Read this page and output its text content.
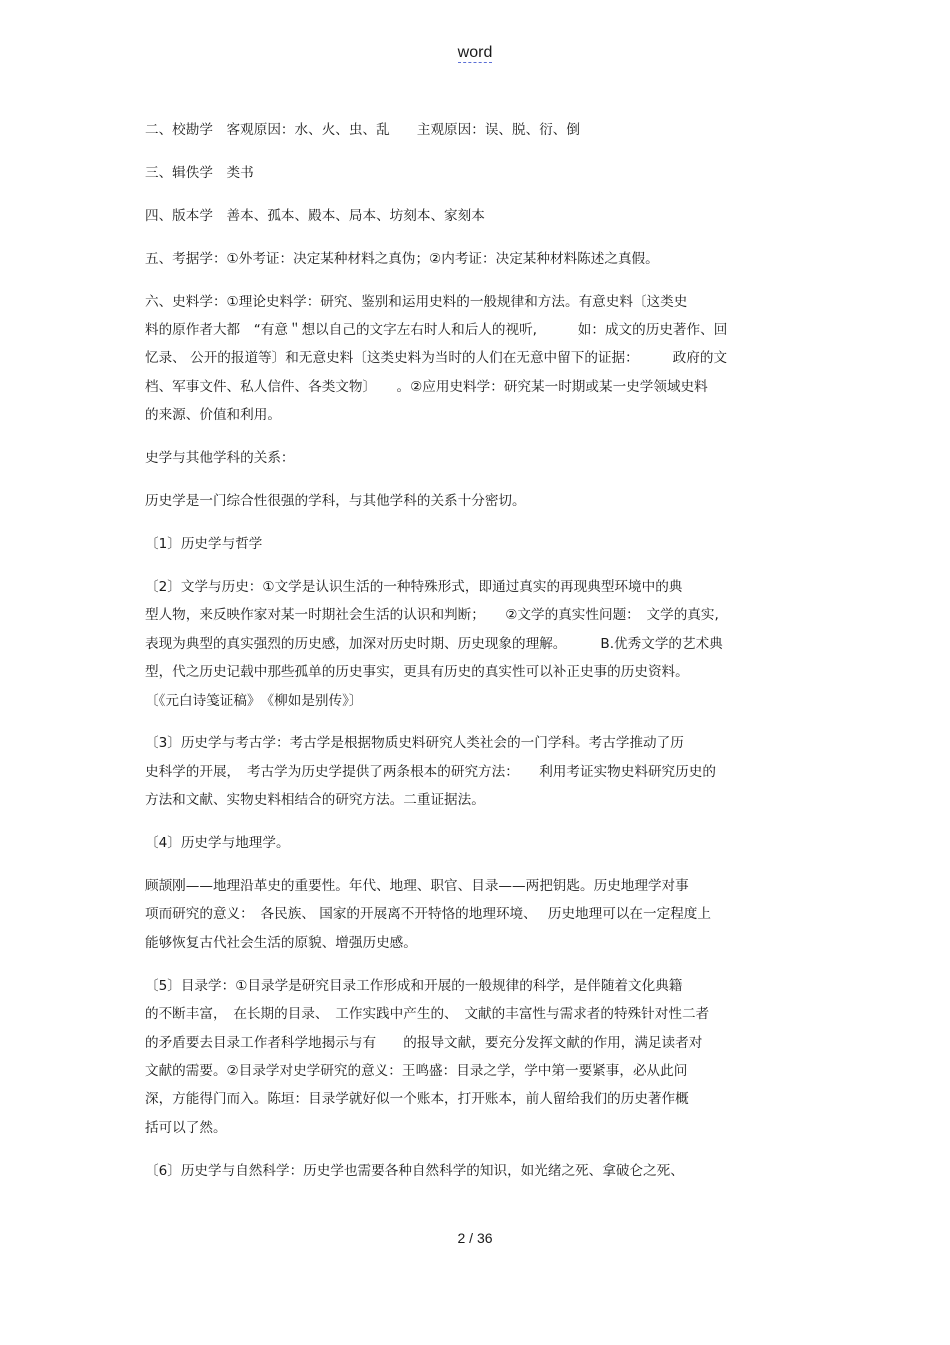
word

二、校勘学　客观原因：水、火、虫、乱　　主观原因：误、脱、衍、倒

三、辑佚学　类书

四、版本学　善本、孤本、殿本、局本、坊刻本、家刻本

五、考据学：①外考证：决定某种材料之真伪；②内考证：决定某种材料陈述之真假。

六、史料学：①理论史料学：研究、鉴别和运用史料的一般规律和方法。有意史料〔这类史
料的原作者大都　“有意＂想以自己的文字左右时人和后人的视听,　　　如：成文的历史著作、回
忆录、 公开的报道等〕和无意史料〔这类史料为当时的人们在无意中留下的证据：　　　政府的文
档、军事文件、私人信件、各类文物〕　　。②应用史料学：研究某一时期或某一史学领域史料
的来源、价值和利用。

史学与其他学科的关系：

历史学是一门综合性很强的学科，与其他学科的关系十分密切。

〔1〕历史学与哲学

〔2〕文学与历史：①文学是认识生活的一种特殊形式，即通过真实的再现典型环境中的典
型人物，来反映作家对某一时期社会生活的认识和判断；　　②文学的真实性问题：　文学的真实,
表现为典型的真实强烈的历史感，加深对历史时期、历史现象的理解。　　　B.优秀文学的艺术典
型，代之历史记载中那些孤单的历史事实，更具有历史的真实性可以补正史事的历史资料。
〔《元白诗笺证稿》　《柳如是别传》〕

〔3〕历史学与考古学：考古学是根据物质史料研究人类社会的一门学科。考古学推动了历
史科学的开展，　考古学为历史学提供了两条根本的研究方法：　　利用考证实物史料研究历史的
方法和文献、实物史料相结合的研究方法。二重证据法。

〔4〕历史学与地理学。

顾颉刚——地理沿革史的重要性。年代、地理、职官、目录——两把钥匙。历史地理学对事
项而研究的意义：　各民族、 国家的开展离不开特恪的地理环境、　 历史地理可以在一定程度上
能够恢复古代社会生活的原貌、增强历史感。

〔5〕目录学：①目录学是研究目录工作形成和开展的一般规律的科学，是伴随着文化典籍
的不断丰富，　在长期的目录、　工作实践中产生的、　文献的丰富性与需求者的特殊针对性二者
的矛盾要去目录工作者科学地揭示与有　　的报导文献，要充分发挥文献的作用，满足读者对
文献的需要。②目录学对史学研究的意义：王鸣盛：目录之学，学中第一要紧事，必从此问
深，方能得门而入。陈垣：目录学就好似一个账本，打开账本，前人留给我们的历史著作概
括可以了然。

〔6〕历史学与自然科学：历史学也需要各种自然科学的知识，如光绪之死、拿破仑之死、

2 / 36
